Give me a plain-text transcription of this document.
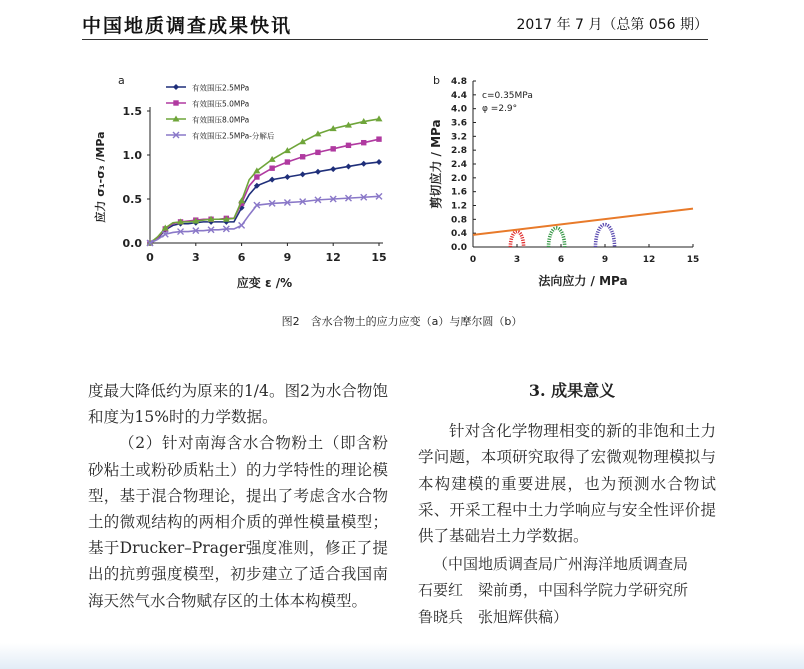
中国地质调查成果快讯	2017 年 7 月（总第 056 期）
a
0	3	6	9	12	15
0.0
0.5
1.0
1.5
应变 ε /%
应力 σ₁-σ₃ /MPa
有效围压2.5MPa
有效围压5.0MPa
有效围压8.0MPa
有效围压2.5MPa-分解后
b
0	3	6	9	12	15
0.0
0.4
0.8
1.2
1.6
2.0
2.4
2.8
3.2
3.6
4.0
4.4
4.8
法向应力 / MPa
剪切应力 / MPa
c=0.35MPa
φ =2.9°
图2　含水合物土的应力应变（a）与摩尔圆（b）

度最大降低约为原来的1/4。图2为水合物饱和度为15%时的力学数据。

（2）针对南海含水合物粉土（即含粉砂粘土或粉砂质粘土）的力学特性的理论模型，基于混合物理论，提出了考虑含水合物土的微观结构的两相介质的弹性模量模型；基于Drucker–Prager强度准则，修正了提出的抗剪强度模型，初步建立了适合我国南海天然气水合物赋存区的土体本构模型。

3. 成果意义

针对含化学物理相变的新的非饱和土力学问题，本项研究取得了宏微观物理模拟与本构建模的重要进展，也为预测水合物试采、开采工程中土力学响应与安全性评价提供了基础岩土力学数据。

（中国地质调查局广州海洋地质调查局
石要红　梁前勇，中国科学院力学研究所
鲁晓兵　张旭辉供稿）
